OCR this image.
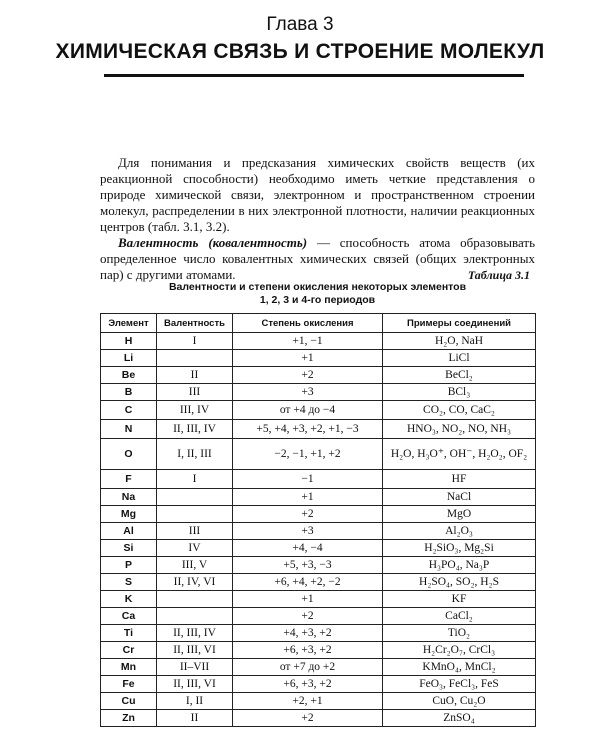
Глава 3
ХИМИЧЕСКАЯ СВЯЗЬ И СТРОЕНИЕ МОЛЕКУЛ

Для понимания и предсказания химических свойств веществ (их реакционной способности) необходимо иметь четкие представления о природе химической связи, электронном и пространственном строении молекул, распределении в них электронной плотности, наличии реакционных центров (табл. 3.1, 3.2).

Валентность (ковалентность) — способность атома образовывать определенное число ковалентных химических связей (общих электронных пар) с другими атомами.	Таблица 3.1
Валентности и степени окисления некоторых элементов
1, 2, 3 и 4-го периодов
Элемент	Валентность	Степень окисления	Примеры соединений
H	I	+1, −1	H₂O, NaH
Li		+1	LiCl
Be	II	+2	BeCl₂
B	III	+3	BCl₃
C	III, IV	от +4 до −4	CO₂, CO, CaC₂
N	II, III, IV	+5, +4, +3, +2, +1, −3	HNO₃, NO₂, NO, NH₃
O	I, II, III	−2, −1, +1, +2	H₂O, H₃O⁺, OH⁻, H₂O₂, OF₂
F	I	−1	HF
Na		+1	NaCl
Mg		+2	MgO
Al	III	+3	Al₂O₃
Si	IV	+4, −4	H₂SiO₃, Mg₂Si
P	III, V	+5, +3, −3	H₃PO₄, Na₃P
S	II, IV, VI	+6, +4, +2, −2	H₂SO₄, SO₂, H₂S
K		+1	KF
Ca		+2	CaCl₂
Ti	II, III, IV	+4, +3, +2	TiO₂
Cr	II, III, VI	+6, +3, +2	H₂Cr₂O₇, CrCl₃
Mn	II–VII	от +7 до +2	KMnO₄, MnCl₂
Fe	II, III, VI	+6, +3, +2	FeO₃, FeCl₃, FeS
Cu	I, II	+2, +1	CuO, Cu₂O
Zn	II	+2	ZnSO₄
